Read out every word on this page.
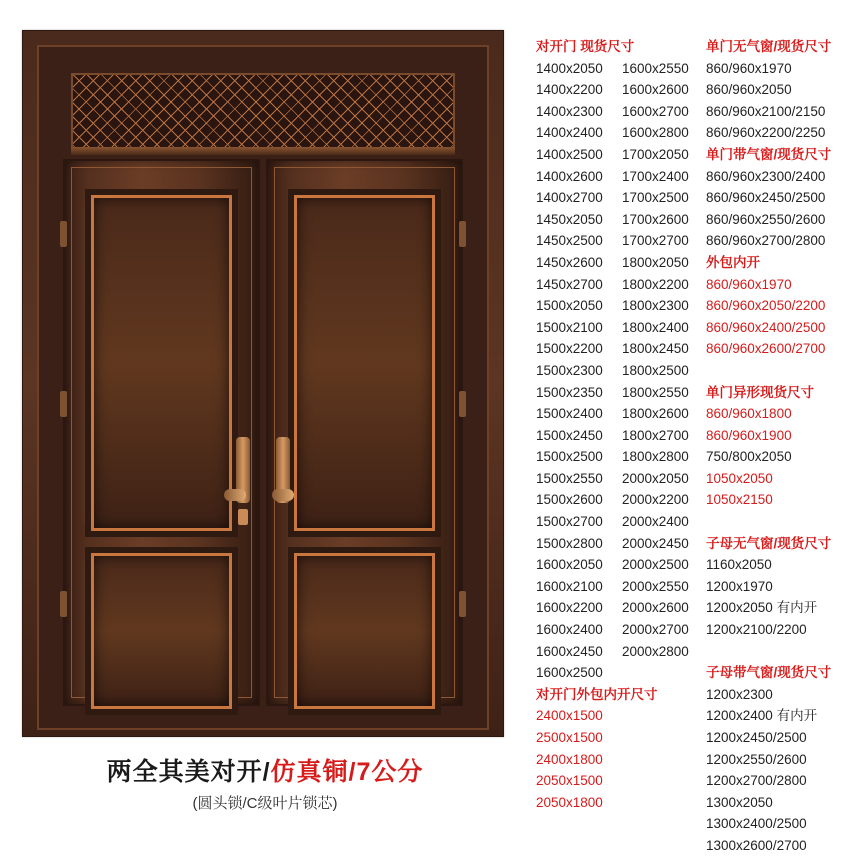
两全其美对开/仿真铜/7公分
(圆头锁/C级叶片锁芯)
对开门 现货尺寸
1400x2050
1400x2200
1400x2300
1400x2400
1400x2500
1400x2600
1400x2700
1450x2050
1450x2500
1450x2600
1450x2700
1500x2050
1500x2100
1500x2200
1500x2300
1500x2350
1500x2400
1500x2450
1500x2500
1500x2550
1500x2600
1500x2700
1500x2800
1600x2050
1600x2100
1600x2200
1600x2400
1600x2450
1600x2500
对开门外包内开尺寸
2400x1500
2500x1500
2400x1800
2050x1500
2050x1800
1600x2550
1600x2600
1600x2700
1600x2800
1700x2050
1700x2400
1700x2500
1700x2600
1700x2700
1800x2050
1800x2200
1800x2300
1800x2400
1800x2450
1800x2500
1800x2550
1800x2600
1800x2700
1800x2800
2000x2050
2000x2200
2000x2400
2000x2450
2000x2500
2000x2550
2000x2600
2000x2700
2000x2800
单门无气窗/现货尺寸
860/960x1970
860/960x2050
860/960x2100/2150
860/960x2200/2250
单门带气窗/现货尺寸
860/960x2300/2400
860/960x2450/2500
860/960x2550/2600
860/960x2700/2800
外包内开
860/960x1970
860/960x2050/2200
860/960x2400/2500
860/960x2600/2700
单门异形现货尺寸
860/960x1800
860/960x1900
750/800x2050
1050x2050
1050x2150
子母无气窗/现货尺寸
1160x2050
1200x1970
1200x2050 有内开
1200x2100/2200
子母带气窗/现货尺寸
1200x2300
1200x2400 有内开
1200x2450/2500
1200x2550/2600
1200x2700/2800
1300x2050
1300x2400/2500
1300x2600/2700
